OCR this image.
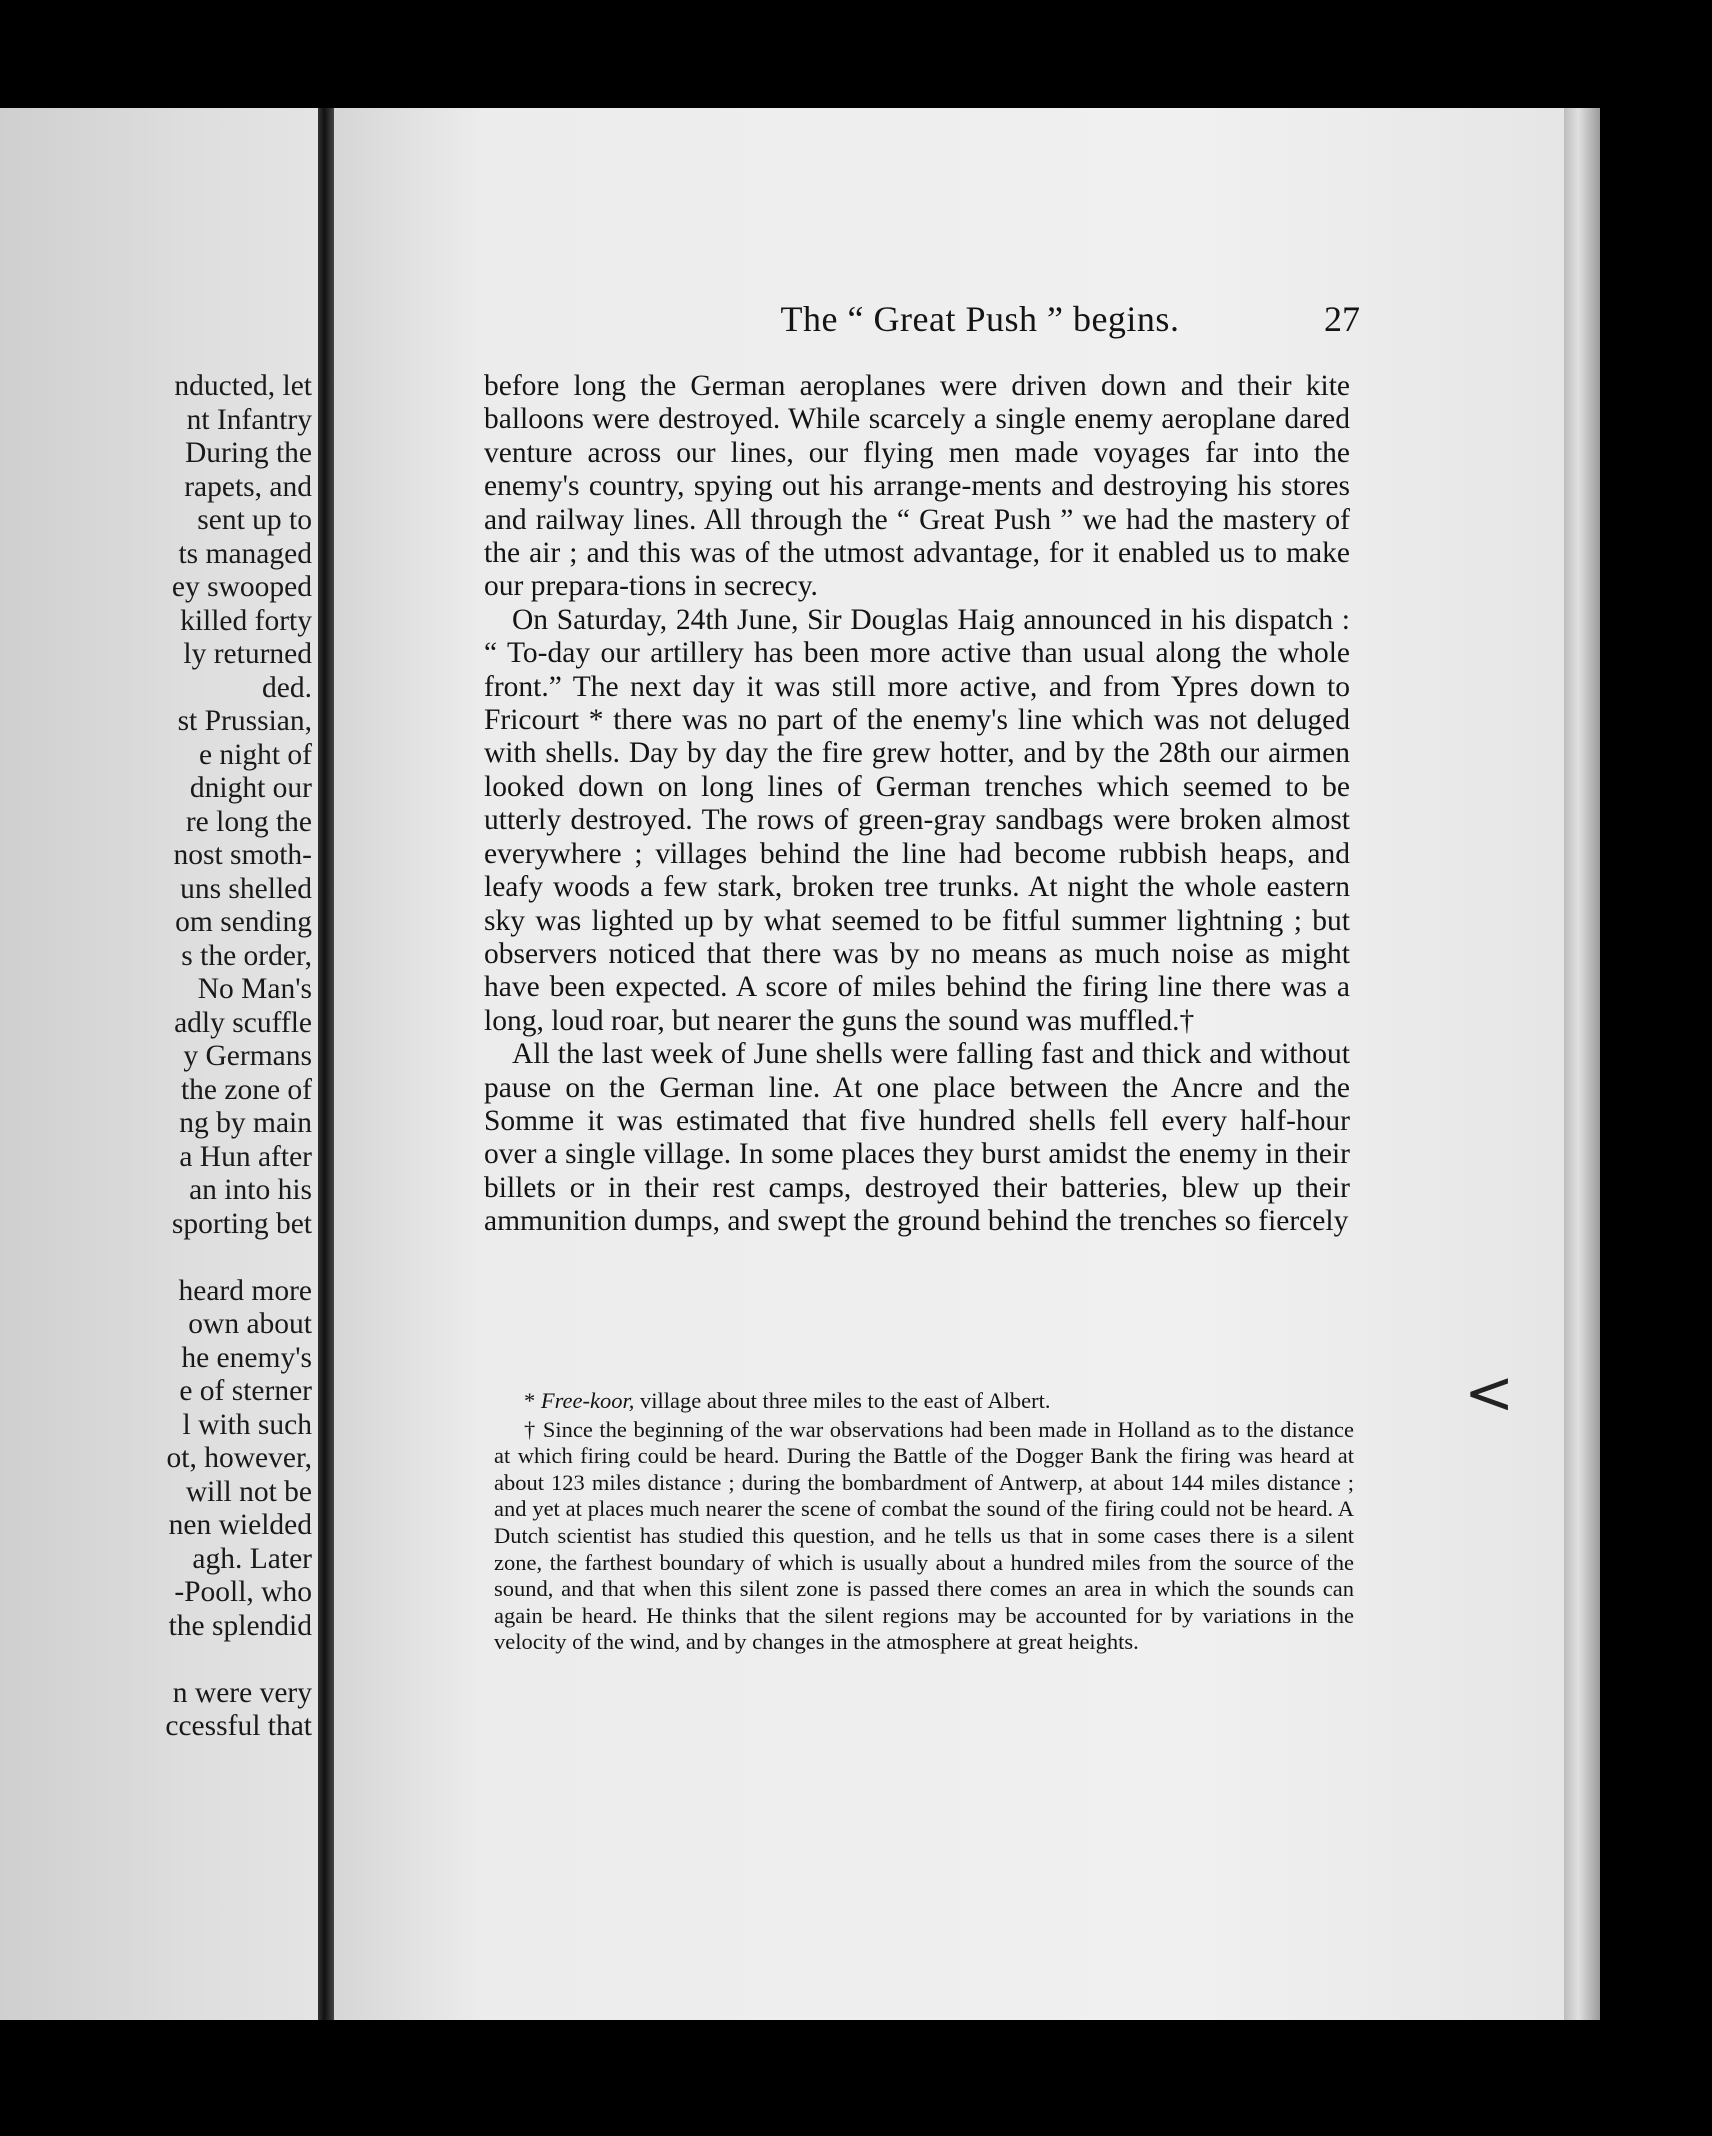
nducted, let
nt Infantry
During the
rapets, and
sent up to
ts managed
ey swooped
killed forty
ly returned
ded.
st Prussian,
e night of
dnight our
re long the
nost smoth-
uns shelled
om sending
s the order,
No Man's
adly scuffle
y Germans
the zone of
ng by main
a Hun after
an into his
sporting bet
heard more
own about
he enemy's
e of sterner
l with such
ot, however,
will not be
nen wielded
agh. Later
-Pooll, who
the splendid
n were very
ccessful that
The “ Great Push ” begins.	27

before long the German aeroplanes were driven down and their kite balloons were destroyed. While scarcely a single enemy aeroplane dared venture across our lines, our flying men made voyages far into the enemy's country, spying out his arrange-ments and destroying his stores and railway lines. All through the “ Great Push ” we had the mastery of the air ; and this was of the utmost advantage, for it enabled us to make our prepara-tions in secrecy.

On Saturday, 24th June, Sir Douglas Haig announced in his dispatch : “ To-day our artillery has been more active than usual along the whole front.” The next day it was still more active, and from Ypres down to Fricourt * there was no part of the enemy's line which was not deluged with shells. Day by day the fire grew hotter, and by the 28th our airmen looked down on long lines of German trenches which seemed to be utterly destroyed. The rows of green-gray sandbags were broken almost everywhere ; villages behind the line had become rubbish heaps, and leafy woods a few stark, broken tree trunks. At night the whole eastern sky was lighted up by what seemed to be fitful summer lightning ; but observers noticed that there was by no means as much noise as might have been expected. A score of miles behind the firing line there was a long, loud roar, but nearer the guns the sound was muffled.†

All the last week of June shells were falling fast and thick and without pause on the German line. At one place between the Ancre and the Somme it was estimated that five hundred shells fell every half-hour over a single village. In some places they burst amidst the enemy in their billets or in their rest camps, destroyed their batteries, blew up their ammunition dumps, and swept the ground behind the trenches so fiercely

* Free-koor, village about three miles to the east of Albert.

† Since the beginning of the war observations had been made in Holland as to the distance at which firing could be heard. During the Battle of the Dogger Bank the firing was heard at about 123 miles distance ; during the bombardment of Antwerp, at about 144 miles distance ; and yet at places much nearer the scene of combat the sound of the firing could not be heard. A Dutch scientist has studied this question, and he tells us that in some cases there is a silent zone, the farthest boundary of which is usually about a hundred miles from the source of the sound, and that when this silent zone is passed there comes an area in which the sounds can again be heard. He thinks that the silent regions may be accounted for by variations in the velocity of the wind, and by changes in the atmosphere at great heights.

<
